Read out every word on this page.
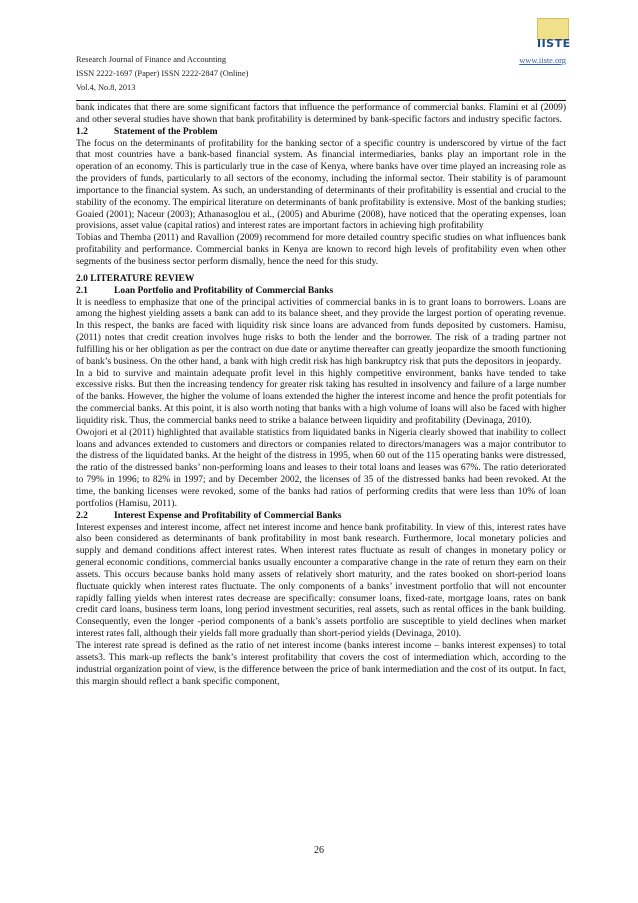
Research Journal of Finance and Accounting
ISSN 2222-1697 (Paper) ISSN 2222-2847 (Online)
Vol.4, No.8, 2013
www.iiste.org
IISTE

bank indicates that there are some significant factors that influence the performance of commercial banks. Flamini et al (2009) and other several studies have shown that bank profitability is determined by bank-specific factors and industry specific factors.

1.2	Statement of the Problem

The focus on the determinants of profitability for the banking sector of a specific country is underscored by virtue of the fact that most countries have a bank-based financial system. As financial intermediaries, banks play an important role in the operation of an economy. This is particularly true in the case of Kenya, where banks have over time played an increasing role as the providers of funds, particularly to all sectors of the economy, including the informal sector. Their stability is of paramount importance to the financial system. As such, an understanding of determinants of their profitability is essential and crucial to the stability of the economy. The empirical literature on determinants of bank profitability is extensive. Most of the banking studies; Goaied (2001); Naceur (2003); Athanasoglou et al., (2005) and Aburime (2008), have noticed that the operating expenses, loan provisions, asset value (capital ratios) and interest rates are important factors in achieving high profitability

Tobias and Themba (2011) and Ravallion (2009) recommend for more detailed country specific studies on what influences bank profitability and performance. Commercial banks in Kenya are known to record high levels of profitability even when other segments of the business sector perform dismally, hence the need for this study.

2.0 LITERATURE REVIEW
2.1	Loan Portfolio and Profitability of Commercial Banks

It is needless to emphasize that one of the principal activities of commercial banks in is to grant loans to borrowers. Loans are among the highest yielding assets a bank can add to its balance sheet, and they provide the largest portion of operating revenue. In this respect, the banks are faced with liquidity risk since loans are advanced from funds deposited by customers. Hamisu, (2011) notes that credit creation involves huge risks to both the lender and the borrower. The risk of a trading partner not fulfilling his or her obligation as per the contract on due date or anytime thereafter can greatly jeopardize the smooth functioning of bank’s business. On the other hand, a bank with high credit risk has high bankruptcy risk that puts the depositors in jeopardy.

In a bid to survive and maintain adequate profit level in this highly competitive environment, banks have tended to take excessive risks. But then the increasing tendency for greater risk taking has resulted in insolvency and failure of a large number of the banks. However, the higher the volume of loans extended the higher the interest income and hence the profit potentials for the commercial banks. At this point, it is also worth noting that banks with a high volume of loans will also be faced with higher liquidity risk. Thus, the commercial banks need to strike a balance between liquidity and profitability (Devinaga, 2010).

Owojori et al (2011) highlighted that available statistics from liquidated banks in Nigeria clearly showed that inability to collect loans and advances extended to customers and directors or companies related to directors/managers was a major contributor to the distress of the liquidated banks. At the height of the distress in 1995, when 60 out of the 115 operating banks were distressed, the ratio of the distressed banks’ non-performing loans and leases to their total loans and leases was 67%. The ratio deteriorated to 79% in 1996; to 82% in 1997; and by December 2002, the licenses of 35 of the distressed banks had been revoked. At the time, the banking licenses were revoked, some of the banks had ratios of performing credits that were less than 10% of loan portfolios (Hamisu, 2011).

2.2	Interest Expense and Profitability of Commercial Banks

Interest expenses and interest income, affect net interest income and hence bank profitability. In view of this, interest rates have also been considered as determinants of bank profitability in most bank research. Furthermore, local monetary policies and supply and demand conditions affect interest rates. When interest rates fluctuate as result of changes in monetary policy or general economic conditions, commercial banks usually encounter a comparative change in the rate of return they earn on their assets. This occurs because banks hold many assets of relatively short maturity, and the rates booked on short-period loans fluctuate quickly when interest rates fluctuate. The only components of a banks’ investment portfolio that will not encounter rapidly falling yields when interest rates decrease are specifically: consumer loans, fixed-rate, mortgage loans, rates on bank credit card loans, business term loans, long period investment securities, real assets, such as rental offices in the bank building. Consequently, even the longer -period components of a bank’s assets portfolio are susceptible to yield declines when market interest rates fall, although their yields fall more gradually than short-period yields (Devinaga, 2010).

The interest rate spread is defined as the ratio of net interest income (banks interest income – banks interest expenses) to total assets3. This mark-up reflects the bank’s interest profitability that covers the cost of intermediation which, according to the industrial organization point of view, is the difference between the price of bank intermediation and the cost of its output. In fact, this margin should reflect a bank specific component,

26
